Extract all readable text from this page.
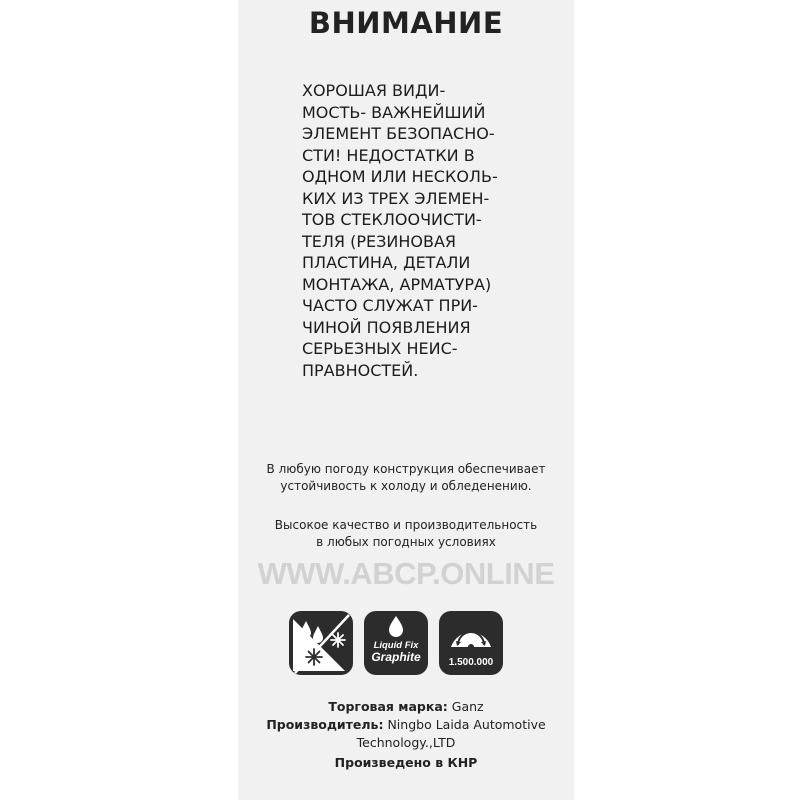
ВНИМАНИЕ
ХОРОШАЯ ВИДИ-
МОСТЬ- ВАЖНЕЙШИЙ
ЭЛЕМЕНТ БЕЗОПАСНО-
СТИ! НЕДОСТАТКИ В
ОДНОМ ИЛИ НЕСКОЛЬ-
КИХ ИЗ ТРЕХ ЭЛЕМЕН-
ТОВ СТЕКЛООЧИСТИ-
ТЕЛЯ (РЕЗИНОВАЯ
ПЛАСТИНА, ДЕТАЛИ
МОНТАЖА, АРМАТУРА)
ЧАСТО СЛУЖАТ ПРИ-
ЧИНОЙ ПОЯВЛЕНИЯ
СЕРЬЕЗНЫХ НЕИС-
ПРАВНОСТЕЙ.
В любую погоду конструкция обеспечивает
устойчивость к холоду и обледенению.
Высокое качество и производительность
в любых погодных условиях
WWW.ABCP.ONLINE
Liquid Fix
Graphite	1.500.000
Торговая марка: Ganz
Производитель: Ningbo Laida Automotive
Technology.,LTD
Произведено в КНР
